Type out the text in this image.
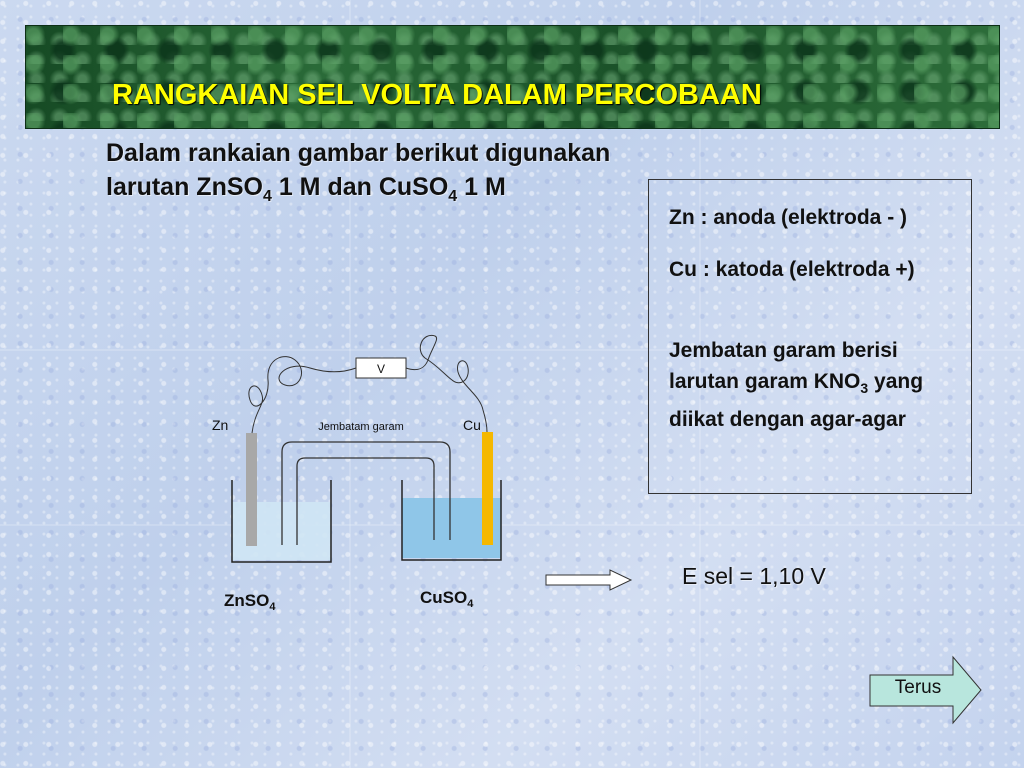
RANGKAIAN SEL VOLTA DALAM PERCOBAAN
Dalam rankaian gambar berikut digunakan
larutan ZnSO$_4$ 1 M dan CuSO$_4$ 1 M
Zn : anoda (elektroda - )
Cu : katoda (elektroda +)
Jembatan garam berisi larutan garam $KNO_3$ yang diikat dengan agar-agar
V
Zn	Cu
Jembatam garam
ZnSO$_4$	CuSO$_4$
E sel = 1,10 V
Terus
